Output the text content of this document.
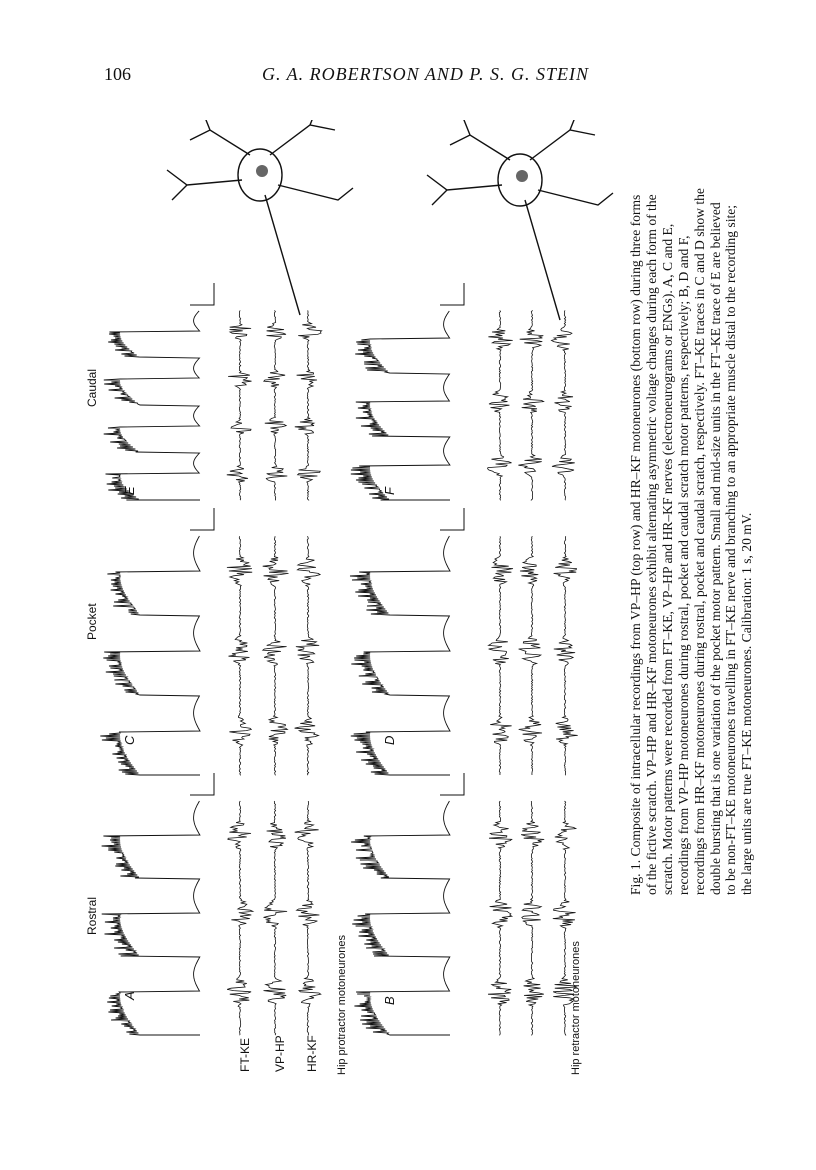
106	G. A. ROBERTSON AND P. S. G. STEIN
Rostral
Pocket
Caudal
A
B
C	D
E	F
FT-KE VP-HP HR-KF Hip protractor motoneurones	Hip retractor motoneurones
Fig. 1. Composite of intracellular recordings from VP–HP (top row) and HR–KF motoneurones (bottom row) during three forms of the fictive scratch. VP–HP and HR–KF motoneurones exhibit alternating asymmetric voltage changes during each form of the scratch. Motor patterns were recorded from FT–KE, VP–HP and HR–KF nerves (electroneurograms or ENGs). A, C and E, recordings from VP–HP motoneurones during rostral, pocket and caudal scratch motor patterns, respectively; B, D and F, recordings from HR–KF motoneurones during rostral, pocket and caudal scratch, respectively. FT–KE traces in C and D show the double bursting that is one variation of the pocket motor pattern. Small and mid-size units in the FT–KE trace of E are believed to be non-FT–KE motoneurones travelling in FT–KE nerve and branching to an appropriate muscle distal to the recording site; the large units are true FT–KE motoneurones. Calibration: 1 s, 20 mV.
